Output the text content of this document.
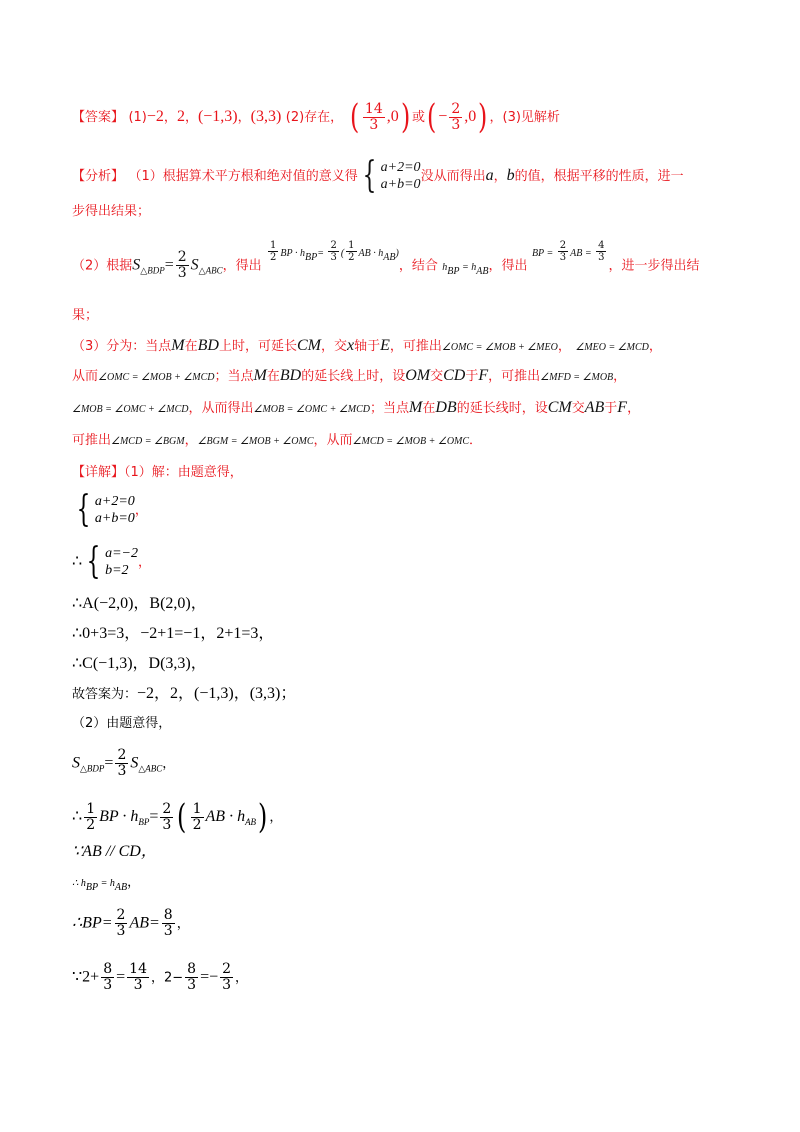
【答案】 (1)−2，2，(−1,3)，(3,3) (2)存在， ( $\frac{14}{3} ,0$) 或( − $\frac{2}{3} ,0$) ，(3)见解析
【分析】 （1）根据算术平方根和绝对值的意义得 { a+2=0
a+b=0
没从而得出a，b的值，根据平移的性质，进一
步得出结果；
（2）根据$S_{\triangle BDP}= \frac{2}{3} S_{\triangle ABC}$，得出
$\frac{1}{2}$ BP · $h_{BP}= \frac{2}{3}$ ( $\frac{1}{2}$ AB · $h_{AB}$)，结合 $h_{BP} = h_{AB}$，得出 BP = $\frac{2}{3}$ AB = $\frac{4}{3}$
，进一步得出结
果；
（3）分为：当点M在BD上时，可延长CM，交x轴于E，可推出∠OMC = ∠MOB + ∠MEO， ∠MEO = ∠MCD，
从而∠OMC = ∠MOB + ∠MCD；当点M在BD的延长线上时，设OM交CD于F，可推出∠MFD = ∠MOB，
∠MOB = ∠OMC + ∠MCD，从而得出∠MOB = ∠OMC + ∠MCD；当点M在DB的延长线时，设CM交AB于F，
可推出∠MCD = ∠BGM，∠BGM = ∠MOB + ∠OMC，从而∠MCD = ∠MOB + ∠OMC．
【详解】（1）解：由题意得，
{ a+2=0
a+b=0
，
∴ { a=−2
b=2
，
∴A(−2,0)，B(2,0)，
∴0+3=3，−2+1=−1，2+1=3，
∴C(−1,3)，D(3,3)，
故答案为：−2，2，(−1,3)，(3,3)；
（2）由题意得，
$S_{\triangle BDP}= \frac{2}{3} S_{\triangle ABC}$，
∴ $\frac{1}{2}$ BP · $h_{BP}= \frac{2}{3}$ ( $\frac{1}{2}$ AB · $h_{AB}$) ，
∵AB // CD，
∴ $h_{BP} = h_{AB}$，
∴BP= $\frac{2}{3} AB= \frac{8}{3}$ ，
∵2+ $\frac{8}{3} = \frac{14}{3}$ ，$2- \frac{8}{3} =- \frac{2}{3}$ ，
